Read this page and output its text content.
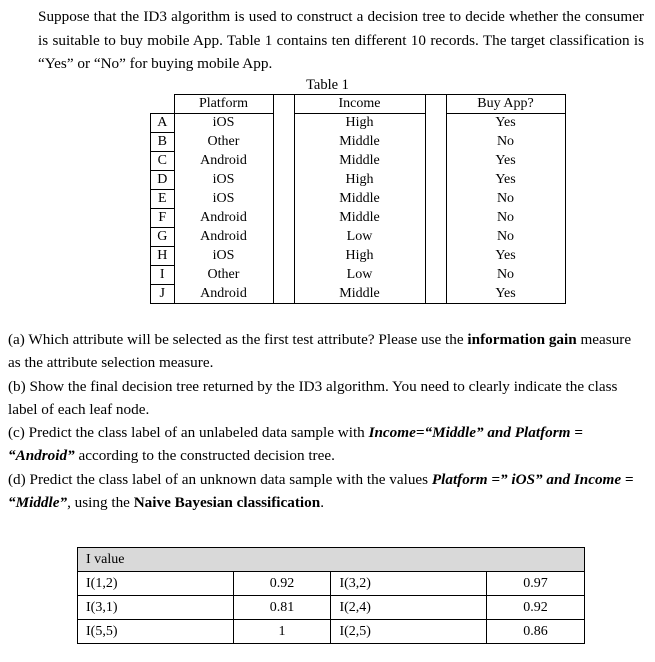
Suppose that the ID3 algorithm is used to construct a decision tree to decide whether the consumer is suitable to buy mobile App. Table 1 contains ten different 10 records. The target classification is “Yes” or “No” for buying mobile App.

Table 1
	Platform		Income		Buy App?
A	iOS		High		Yes
B	Other		Middle		No
C	Android		Middle		Yes
D	iOS		High		Yes
E	iOS		Middle		No
F	Android		Middle		No
G	Android		Low		No
H	iOS		High		Yes
I	Other		Low		No
J	Android		Middle		Yes

(a) Which attribute will be selected as the first test attribute? Please use the information gain measure as the attribute selection measure.

(b) Show the final decision tree returned by the ID3 algorithm. You need to clearly indicate the class label of each leaf node.

(c) Predict the class label of an unlabeled data sample with Income=“Middle” and Platform = “Android” according to the constructed decision tree.

(d) Predict the class label of an unknown data sample with the values Platform =” iOS” and Income = “Middle”, using the Naive Bayesian classification.

I value			
I(1,2)	0.92	I(3,2)	0.97
I(3,1)	0.81	I(2,4)	0.92
I(5,5)	1	I(2,5)	0.86
